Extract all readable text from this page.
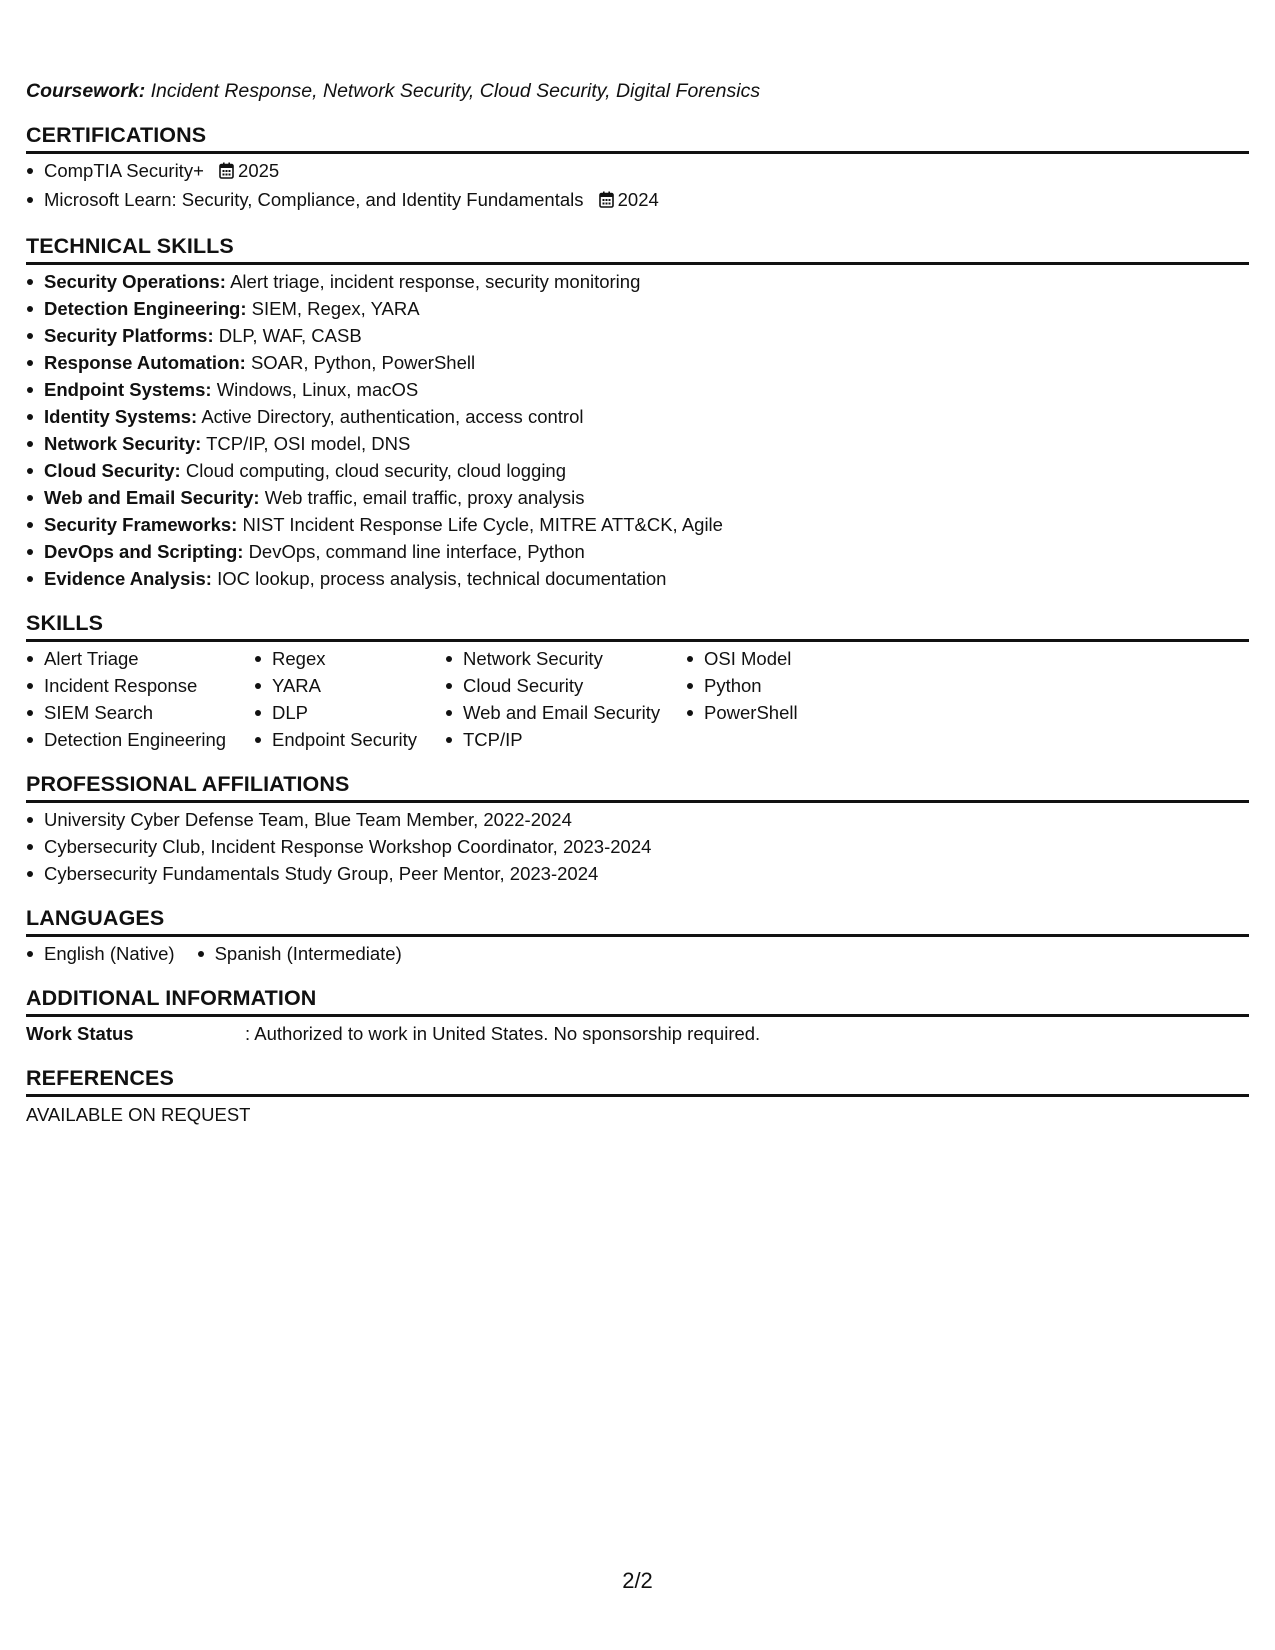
Coursework: Incident Response, Network Security, Cloud Security, Digital Forensics

CERTIFICATIONS
CompTIA Security+ 2025
Microsoft Learn: Security, Compliance, and Identity Fundamentals 2024
TECHNICAL SKILLS
Security Operations: Alert triage, incident response, security monitoring
Detection Engineering: SIEM, Regex, YARA
Security Platforms: DLP, WAF, CASB
Response Automation: SOAR, Python, PowerShell
Endpoint Systems: Windows, Linux, macOS
Identity Systems: Active Directory, authentication, access control
Network Security: TCP/IP, OSI model, DNS
Cloud Security: Cloud computing, cloud security, cloud logging
Web and Email Security: Web traffic, email traffic, proxy analysis
Security Frameworks: NIST Incident Response Life Cycle, MITRE ATT&CK, Agile
DevOps and Scripting: DevOps, command line interface, Python
Evidence Analysis: IOC lookup, process analysis, technical documentation
SKILLS
Alert Triage
Incident Response
SIEM Search
Detection Engineering
Regex
YARA
DLP
Endpoint Security
Network Security
Cloud Security
Web and Email Security
TCP/IP
OSI Model
Python
PowerShell
PROFESSIONAL AFFILIATIONS
University Cyber Defense Team, Blue Team Member, 2022-2024
Cybersecurity Club, Incident Response Workshop Coordinator, 2023-2024
Cybersecurity Fundamentals Study Group, Peer Mentor, 2023-2024
LANGUAGES
English (Native)	Spanish (Intermediate)
ADDITIONAL INFORMATION
Work Status	: Authorized to work in United States. No sponsorship required.
REFERENCES

AVAILABLE ON REQUEST

2/2
